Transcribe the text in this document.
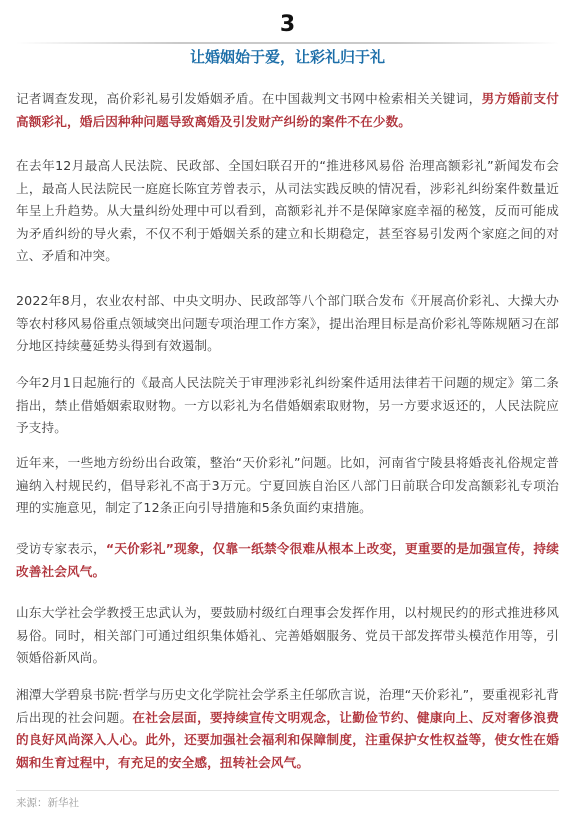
3
让婚姻始于爱，让彩礼归于礼

记者调查发现，高价彩礼易引发婚姻矛盾。在中国裁判文书网中检索相关关键词，男方婚前支付高额彩礼，婚后因种种问题导致离婚及引发财产纠纷的案件不在少数。

在去年12月最高人民法院、民政部、全国妇联召开的“推进移风易俗 治理高额彩礼”新闻发布会上，最高人民法院民一庭庭长陈宜芳曾表示，从司法实践反映的情况看，涉彩礼纠纷案件数量近年呈上升趋势。从大量纠纷处理中可以看到，高额彩礼并不是保障家庭幸福的秘笈，反而可能成为矛盾纠纷的导火索，不仅不利于婚姻关系的建立和长期稳定，甚至容易引发两个家庭之间的对立、矛盾和冲突。

2022年8月，农业农村部、中央文明办、民政部等八个部门联合发布《开展高价彩礼、大操大办等农村移风易俗重点领域突出问题专项治理工作方案》，提出治理目标是高价彩礼等陈规陋习在部分地区持续蔓延势头得到有效遏制。

今年2月1日起施行的《最高人民法院关于审理涉彩礼纠纷案件适用法律若干问题的规定》第二条指出，禁止借婚姻索取财物。一方以彩礼为名借婚姻索取财物，另一方要求返还的，人民法院应予支持。

近年来，一些地方纷纷出台政策，整治“天价彩礼”问题。比如，河南省宁陵县将婚丧礼俗规定普遍纳入村规民约，倡导彩礼不高于3万元。宁夏回族自治区八部门日前联合印发高额彩礼专项治理的实施意见，制定了12条正向引导措施和5条负面约束措施。

受访专家表示，“天价彩礼”现象，仅靠一纸禁令很难从根本上改变，更重要的是加强宣传，持续改善社会风气。

山东大学社会学教授王忠武认为，要鼓励村级红白理事会发挥作用，以村规民约的形式推进移风易俗。同时，相关部门可通过组织集体婚礼、完善婚姻服务、党员干部发挥带头模范作用等，引领婚俗新风尚。

湘潭大学碧泉书院·哲学与历史文化学院社会学系主任邬欣言说，治理“天价彩礼”，要重视彩礼背后出现的社会问题。在社会层面，要持续宣传文明观念，让勤俭节约、健康向上、反对奢侈浪费的良好风尚深入人心。此外，还要加强社会福利和保障制度，注重保护女性权益等，使女性在婚姻和生育过程中，有充足的安全感，扭转社会风气。

来源：新华社
